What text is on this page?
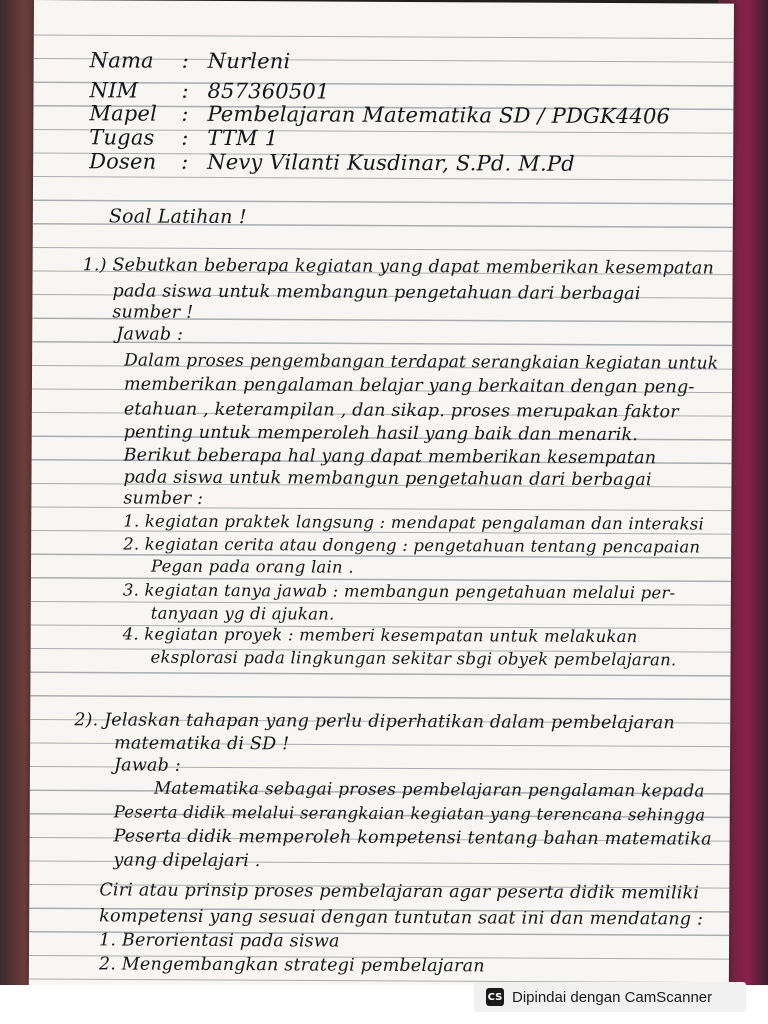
Nama : Nurleni
NIM : 857360501
Mapel : Pembelajaran Matematika SD / PDGK4406
Tugas : TTM 1
Dosen : Nevy Vilanti Kusdinar, S.Pd. M.Pd
Soal Latihan !
1.) Sebutkan beberapa kegiatan yang dapat memberikan kesempatan
pada siswa untuk membangun pengetahuan dari berbagai
sumber !
Jawab :
Dalam proses pengembangan terdapat serangkaian kegiatan untuk
memberikan pengalaman belajar yang berkaitan dengan peng-
etahuan , keterampilan , dan sikap. proses merupakan faktor
penting untuk memperoleh hasil yang baik dan menarik.
Berikut beberapa hal yang dapat memberikan kesempatan
pada siswa untuk membangun pengetahuan dari berbagai
sumber :
1. kegiatan praktek langsung : mendapat pengalaman dan interaksi
2. kegiatan cerita atau dongeng : pengetahuan tentang pencapaian
Pegan pada orang lain .
3. kegiatan tanya jawab : membangun pengetahuan melalui per-
tanyaan yg di ajukan.
4. kegiatan proyek : memberi kesempatan untuk melakukan
eksplorasi pada lingkungan sekitar sbgi obyek pembelajaran.
2). Jelaskan tahapan yang perlu diperhatikan dalam pembelajaran
matematika di SD !
Jawab :
Matematika sebagai proses pembelajaran pengalaman kepada
Peserta didik melalui serangkaian kegiatan yang terencana sehingga
Peserta didik memperoleh kompetensi tentang bahan matematika
yang dipelajari .
Ciri atau prinsip proses pembelajaran agar peserta didik memiliki
kompetensi yang sesuai dengan tuntutan saat ini dan mendatang :
1. Berorientasi pada siswa
2. Mengembangkan strategi pembelajaran
CS Dipindai dengan CamScanner
